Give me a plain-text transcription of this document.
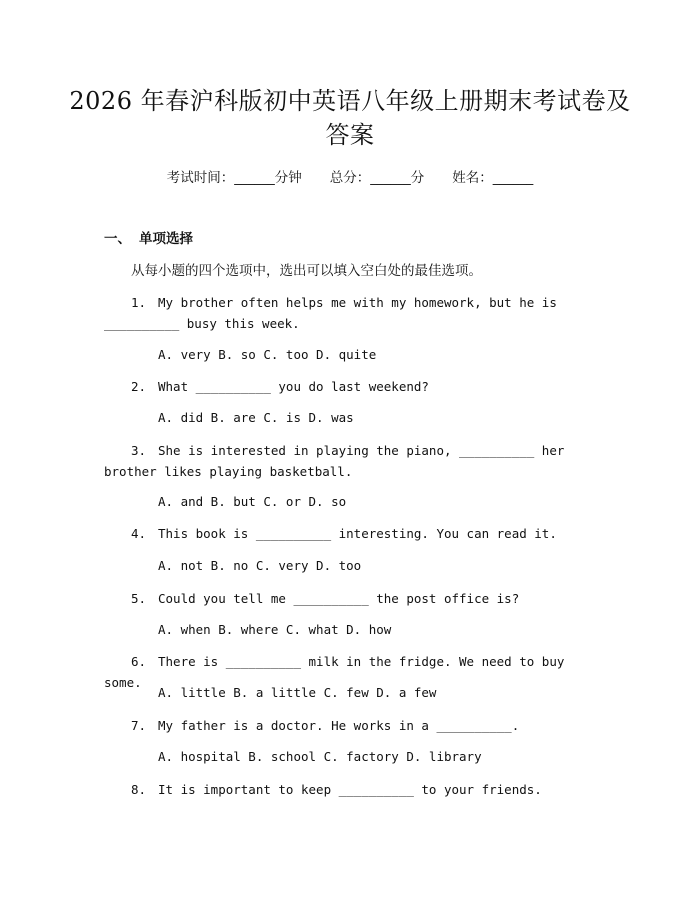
2026 年春沪科版初中英语八年级上册期末考试卷及答案
考试时间：______分钟 总分：______分 姓名：______
一、 单项选择
从每小题的四个选项中，选出可以填入空白处的最佳选项。
1. My brother often helps me with my homework, but he is __________ busy this week.
A. very B. so C. too D. quite
2. What __________ you do last weekend?
A. did B. are C. is D. was
3. She is interested in playing the piano, __________ her brother likes playing basketball.
A. and B. but C. or D. so
4. This book is __________ interesting. You can read it.
A. not B. no C. very D. too
5. Could you tell me __________ the post office is?
A. when B. where C. what D. how
6. There is __________ milk in the fridge. We need to buy some.
A. little B. a little C. few D. a few
7. My father is a doctor. He works in a __________.
A. hospital B. school C. factory D. library
8. It is important to keep __________ to your friends.
